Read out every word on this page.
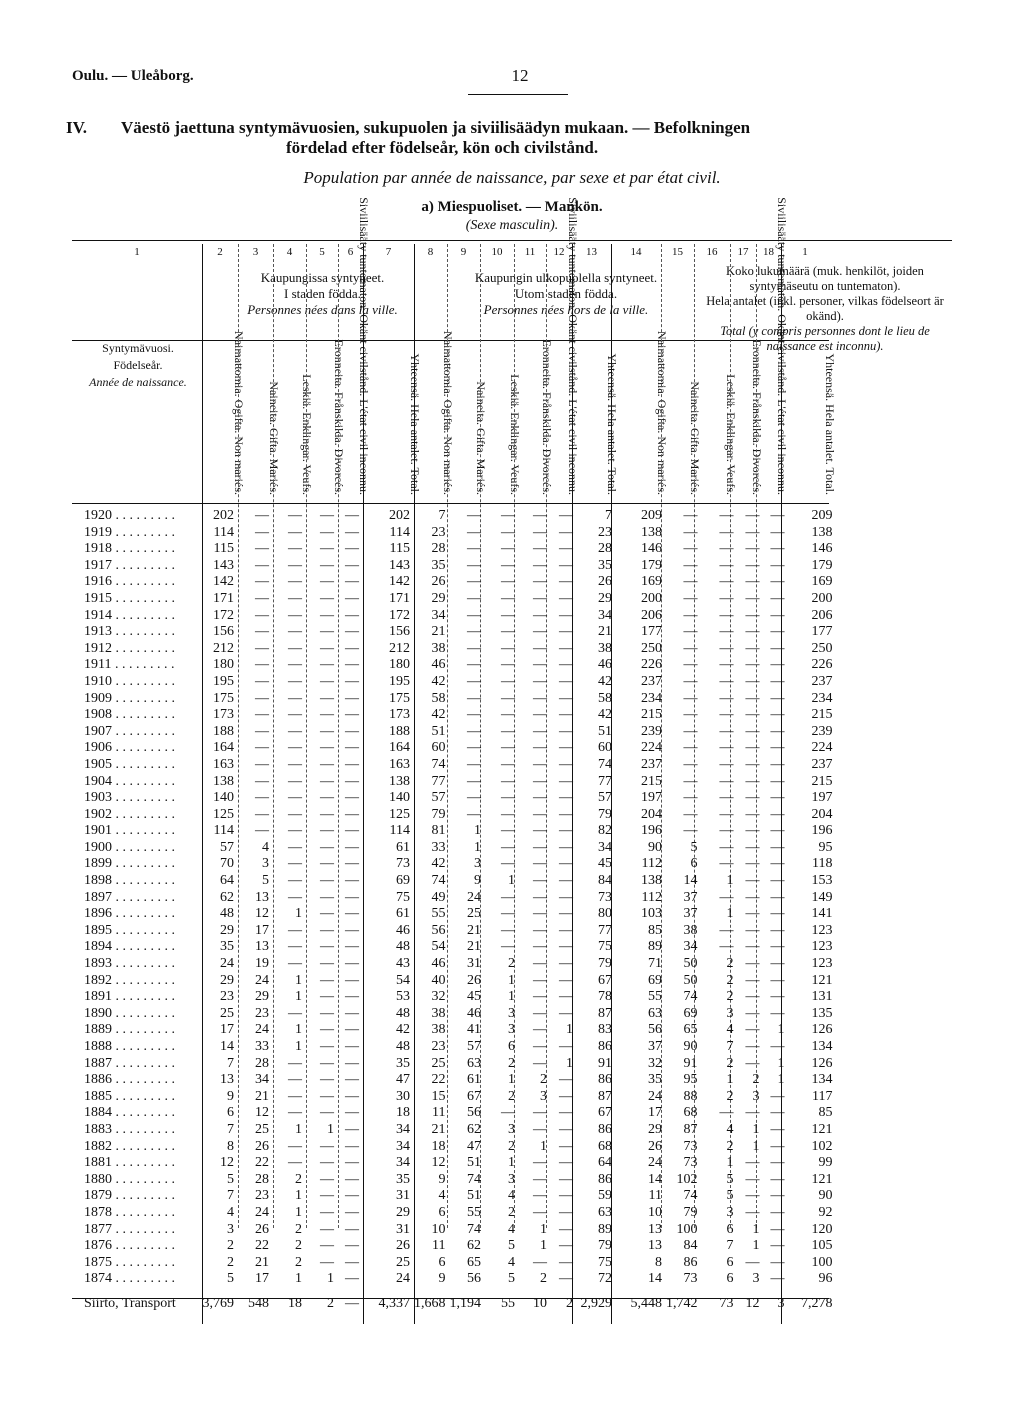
Oulu. — Uleåborg.	12
IV. Väestö jaettuna syntymävuosien, sukupuolen ja siviilisäädyn mukaan. — Befolkningen
fördelad efter födelseår, kön och civilstånd.
Population par année de naissance, par sexe et par état civil.
a) Miespuoliset. — Mankön.
(Sexe masculin).
1	2	3	4	5	6	7	8	9	10	11	12	13	14	15	16	17	18	1
Kaupungissa syntyneet.
I staden födda.
Personnes nées dans la ville.
Kaupungin ulkopuolella syntyneet.
Utom staden födda.
Personnes nées hors de la ville.
Koko lukumäärä (muk. henkilöt, joiden syntymäseutu on tuntematon).
Hela antalet (inkl. personer, vilkas födelseort är okänd).
Total (y compris personnes dont le lieu de naissance est inconnu).
Syntymävuosi.
Födelseår.
Année de naissance.	Naimattomia. Ogifta. Non mariés. Naineita. Gifta. Mariés. Leskiä. Enklingar. Veufs. Eronneita. Frånskilda. Divorcés. Siviilisääty tuntematon. Okänt civilstånd. L'état civil inconnu.	Yhteensä. Hela antalet. Total. Naimattomia. Ogifta. Non mariés. Naineita. Gifta. Mariés. Leskiä. Enklingar. Veufs. Eronneita. Frånskilda. Divorcés. Siviilisääty tuntematon. Okänt civilstånd. L'état civil inconnu. Yhteensä. Hela antalet. Total.	Naimattomia. Ogifta. Non mariés. Naineita. Gifta. Mariés. Leskiä. Enklingar. Veufs. Eronneita. Frånskilda. Divorcés. Siviilisääty tuntematon. Okänt civilstånd. L'état civil inconnu.	Yhteensä. Hela antalet. Total.
1920 . . . . . . . . .	202	—	—	—	—	202	7	—	—	—	—	7	209	—	—	—	—	209
1919 . . . . . . . . .	114	—	—	—	—	114	23	—	—	—	—	23	138	—	—	—	—	138
1918 . . . . . . . . .	115	—	—	—	—	115	28	—	—	—	—	28	146	—	—	—	—	146
1917 . . . . . . . . .	143	—	—	—	—	143	35	—	—	—	—	35	179	—	—	—	—	179
1916 . . . . . . . . .	142	—	—	—	—	142	26	—	—	—	—	26	169	—	—	—	—	169
1915 . . . . . . . . .	171	—	—	—	—	171	29	—	—	—	—	29	200	—	—	—	—	200
1914 . . . . . . . . .	172	—	—	—	—	172	34	—	—	—	—	34	206	—	—	—	—	206
1913 . . . . . . . . .	156	—	—	—	—	156	21	—	—	—	—	21	177	—	—	—	—	177
1912 . . . . . . . . .	212	—	—	—	—	212	38	—	—	—	—	38	250	—	—	—	—	250
1911 . . . . . . . . .	180	—	—	—	—	180	46	—	—	—	—	46	226	—	—	—	—	226
1910 . . . . . . . . .	195	—	—	—	—	195	42	—	—	—	—	42	237	—	—	—	—	237
1909 . . . . . . . . .	175	—	—	—	—	175	58	—	—	—	—	58	234	—	—	—	—	234
1908 . . . . . . . . .	173	—	—	—	—	173	42	—	—	—	—	42	215	—	—	—	—	215
1907 . . . . . . . . .	188	—	—	—	—	188	51	—	—	—	—	51	239	—	—	—	—	239
1906 . . . . . . . . .	164	—	—	—	—	164	60	—	—	—	—	60	224	—	—	—	—	224
1905 . . . . . . . . .	163	—	—	—	—	163	74	—	—	—	—	74	237	—	—	—	—	237
1904 . . . . . . . . .	138	—	—	—	—	138	77	—	—	—	—	77	215	—	—	—	—	215
1903 . . . . . . . . .	140	—	—	—	—	140	57	—	—	—	—	57	197	—	—	—	—	197
1902 . . . . . . . . .	125	—	—	—	—	125	79	—	—	—	—	79	204	—	—	—	—	204
1901 . . . . . . . . .	114	—	—	—	—	114	81	1	—	—	—	82	196	—	—	—	—	196
1900 . . . . . . . . .	57	4	—	—	—	61	33	1	—	—	—	34	90	5	—	—	—	95
1899 . . . . . . . . .	70	3	—	—	—	73	42	3	—	—	—	45	112	6	—	—	—	118
1898 . . . . . . . . .	64	5	—	—	—	69	74	9	1	—	—	84	138	14	1	—	—	153
1897 . . . . . . . . .	62	13	—	—	—	75	49	24	—	—	—	73	112	37	—	—	—	149
1896 . . . . . . . . .	48	12	1	—	—	61	55	25	—	—	—	80	103	37	1	—	—	141
1895 . . . . . . . . .	29	17	—	—	—	46	56	21	—	—	—	77	85	38	—	—	—	123
1894 . . . . . . . . .	35	13	—	—	—	48	54	21	—	—	—	75	89	34	—	—	—	123
1893 . . . . . . . . .	24	19	—	—	—	43	46	31	2	—	—	79	71	50	2	—	—	123
1892 . . . . . . . . .	29	24	1	—	—	54	40	26	1	—	—	67	69	50	2	—	—	121
1891 . . . . . . . . .	23	29	1	—	—	53	32	45	1	—	—	78	55	74	2	—	—	131
1890 . . . . . . . . .	25	23	—	—	—	48	38	46	3	—	—	87	63	69	3	—	—	135
1889 . . . . . . . . .	17	24	1	—	—	42	38	41	3	—	1	83	56	65	4	—	1	126
1888 . . . . . . . . .	14	33	1	—	—	48	23	57	6	—	—	86	37	90	7	—	—	134
1887 . . . . . . . . .	7	28	—	—	—	35	25	63	2	—	1	91	32	91	2	—	1	126
1886 . . . . . . . . .	13	34	—	—	—	47	22	61	1	2	—	86	35	95	1	2	1	134
1885 . . . . . . . . .	9	21	—	—	—	30	15	67	2	3	—	87	24	88	2	3	—	117
1884 . . . . . . . . .	6	12	—	—	—	18	11	56	—	—	—	67	17	68	—	—	—	85
1883 . . . . . . . . .	7	25	1	1	—	34	21	62	3	—	—	86	29	87	4	1	—	121
1882 . . . . . . . . .	8	26	—	—	—	34	18	47	2	1	—	68	26	73	2	1	—	102
1881 . . . . . . . . .	12	22	—	—	—	34	12	51	1	—	—	64	24	73	1	—	—	99
1880 . . . . . . . . .	5	28	2	—	—	35	9	74	3	—	—	86	14	102	5	—	—	121
1879 . . . . . . . . .	7	23	1	—	—	31	4	51	4	—	—	59	11	74	5	—	—	90
1878 . . . . . . . . .	4	24	1	—	—	29	6	55	2	—	—	63	10	79	3	—	—	92
1877 . . . . . . . . .	3	26	2	—	—	31	10	74	4	1	—	89	13	100	6	1	—	120
1876 . . . . . . . . .	2	22	2	—	—	26	11	62	5	1	—	79	13	84	7	1	—	105
1875 . . . . . . . . .	2	21	2	—	—	25	6	65	4	—	—	75	8	86	6	—	—	100
1874 . . . . . . . . .	5	17	1	1	—	24	9	56	5	2	—	72	14	73	6	3	—	96
Siirto, Transport	3,769	548	18	2	—	4,337	1,668	1,194	55	10	2	2,929	5,448	1,742	73	12	3	7,278
